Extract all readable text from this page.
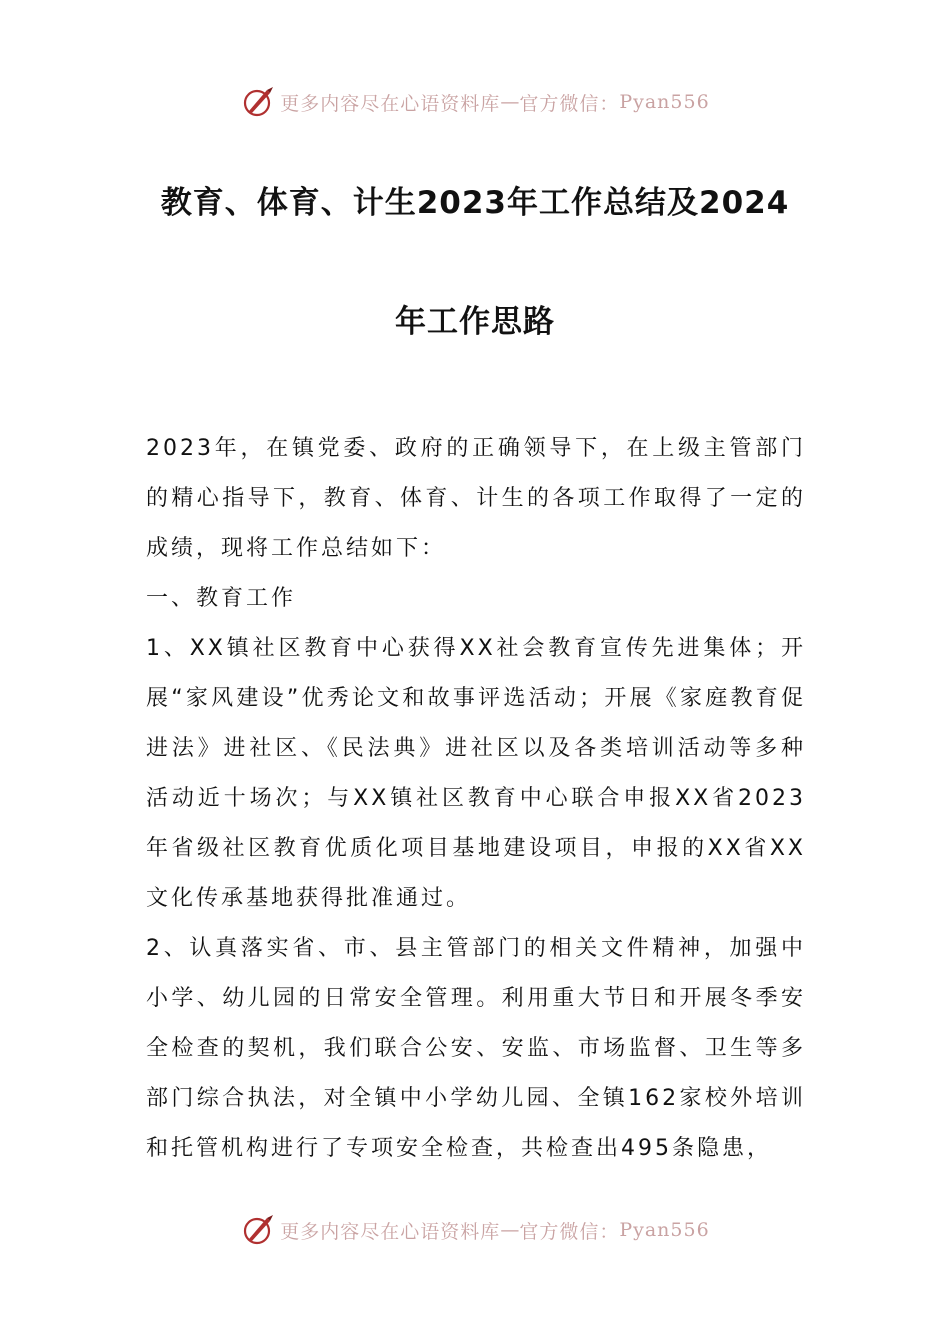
更多内容尽在心语资料库 — 官方微信： Pyan556
教育、体育、计生2023年工作总结及2024
年工作思路

2023年，在镇党委、政府的正确领导下，在上级主管部门的精心指导下，教育、体育、计生的各项工作取得了一定的成绩，现将工作总结如下：

一、教育工作

1、XX镇社区教育中心获得XX社会教育宣传先进集体；开展“家风建设”优秀论文和故事评选活动；开展《家庭教育促进法》进社区、《民法典》进社区以及各类培训活动等多种活动近十场次；与XX镇社区教育中心联合申报XX省2023年省级社区教育优质化项目基地建设项目，申报的XX省XX文化传承基地获得批准通过。

2、认真落实省、市、县主管部门的相关文件精神，加强中小学、幼儿园的日常安全管理。利用重大节日和开展冬季安全检查的契机，我们联合公安、安监、市场监督、卫生等多部门综合执法，对全镇中小学幼儿园、全镇162家校外培训和托管机构进行了专项安全检查，共检查出495条隐患，

更多内容尽在心语资料库 — 官方微信： Pyan556
